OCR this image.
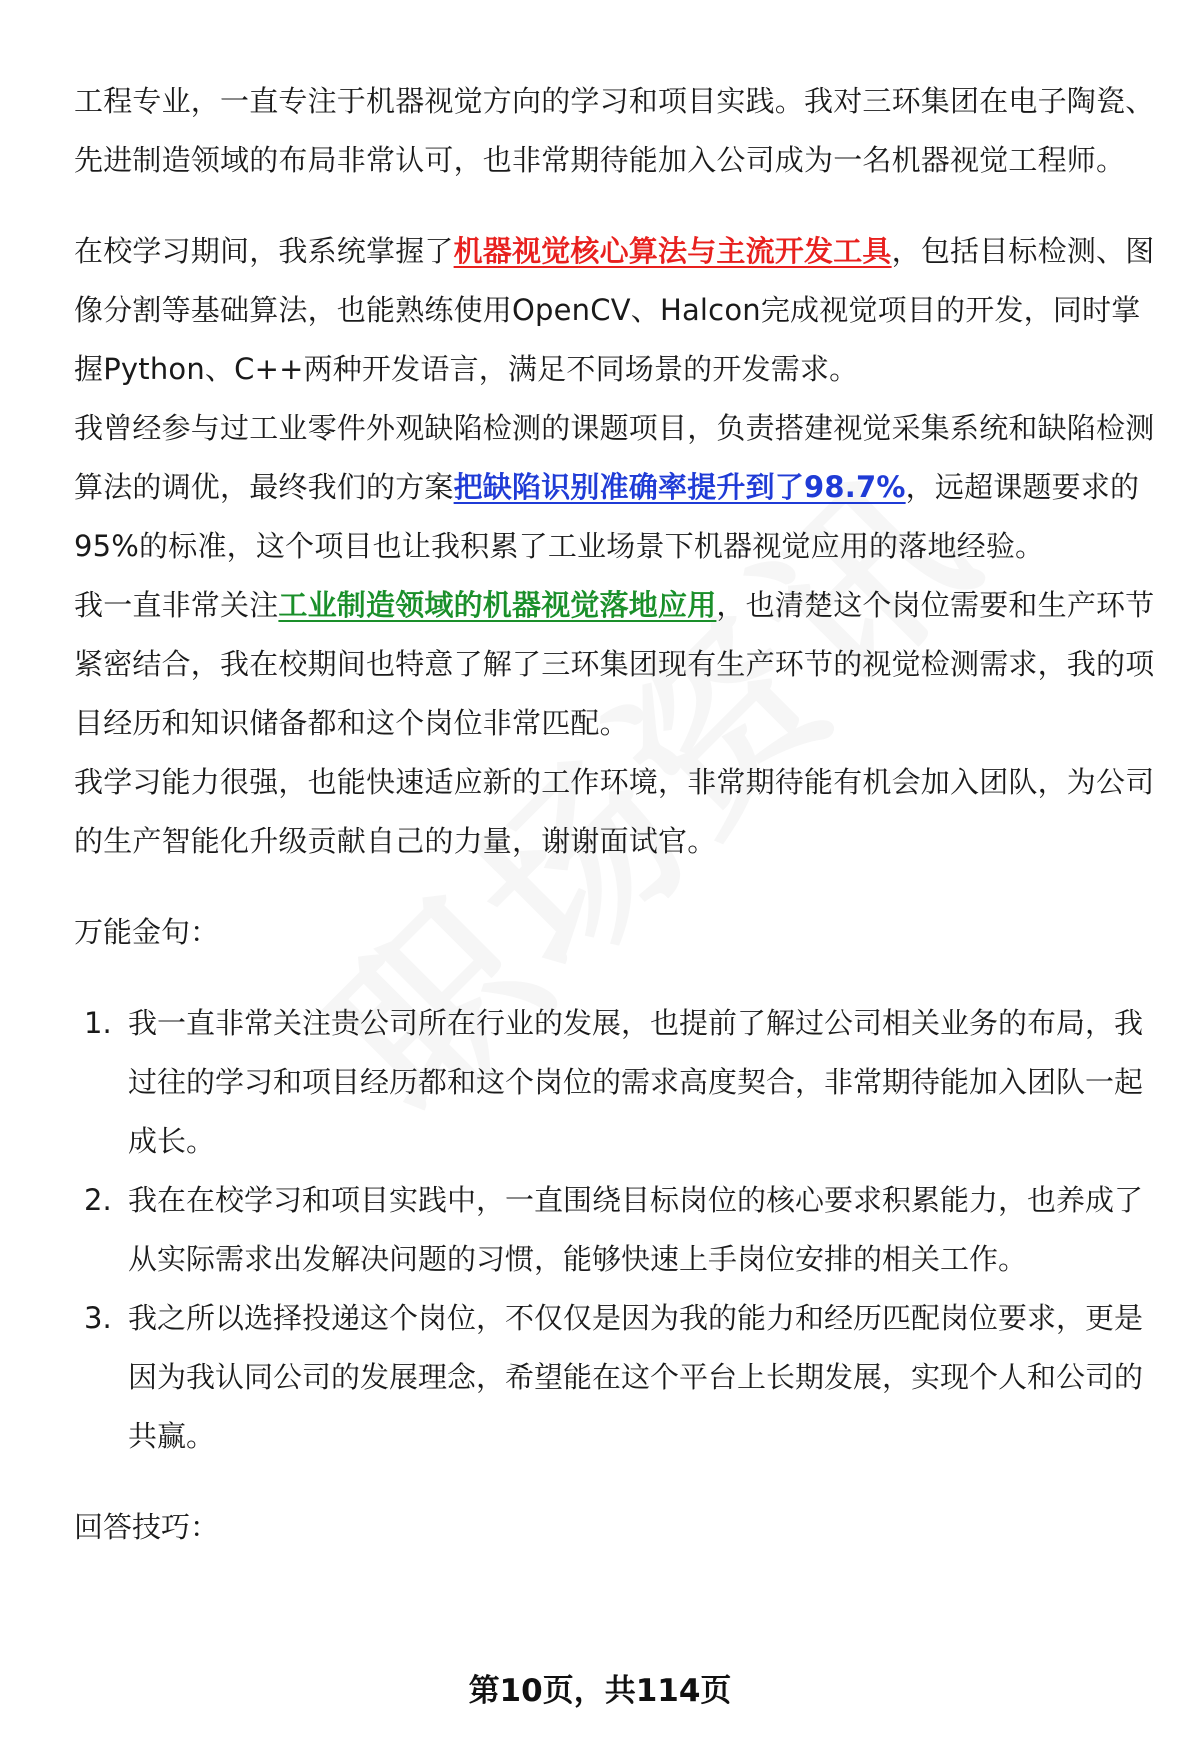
工程专业，一直专注于机器视觉方向的学习和项目实践。我对三环集团在电子陶瓷、先进制造领域的布局非常认可，也非常期待能加入公司成为一名机器视觉工程师。

在校学习期间，我系统掌握了机器视觉核心算法与主流开发工具，包括目标检测、图像分割等基础算法，也能熟练使用OpenCV、Halcon完成视觉项目的开发，同时掌握Python、C++两种开发语言，满足不同场景的开发需求。

我曾经参与过工业零件外观缺陷检测的课题项目，负责搭建视觉采集系统和缺陷检测算法的调优，最终我们的方案把缺陷识别准确率提升到了98.7%，远超课题要求的95%的标准，这个项目也让我积累了工业场景下机器视觉应用的落地经验。

我一直非常关注工业制造领域的机器视觉落地应用，也清楚这个岗位需要和生产环节紧密结合，我在校期间也特意了解了三环集团现有生产环节的视觉检测需求，我的项目经历和知识储备都和这个岗位非常匹配。

我学习能力很强，也能快速适应新的工作环境，非常期待能有机会加入团队，为公司的生产智能化升级贡献自己的力量，谢谢面试官。

万能金句：

1. 我一直非常关注贵公司所在行业的发展，也提前了解过公司相关业务的布局，我过往的学习和项目经历都和这个岗位的需求高度契合，非常期待能加入团队一起成长。
2. 我在在校学习和项目实践中，一直围绕目标岗位的核心要求积累能力，也养成了从实际需求出发解决问题的习惯，能够快速上手岗位安排的相关工作。
3. 我之所以选择投递这个岗位，不仅仅是因为我的能力和经历匹配岗位要求，更是因为我认同公司的发展理念，希望能在这个平台上长期发展，实现个人和公司的共赢。

回答技巧：

第10页，共114页
